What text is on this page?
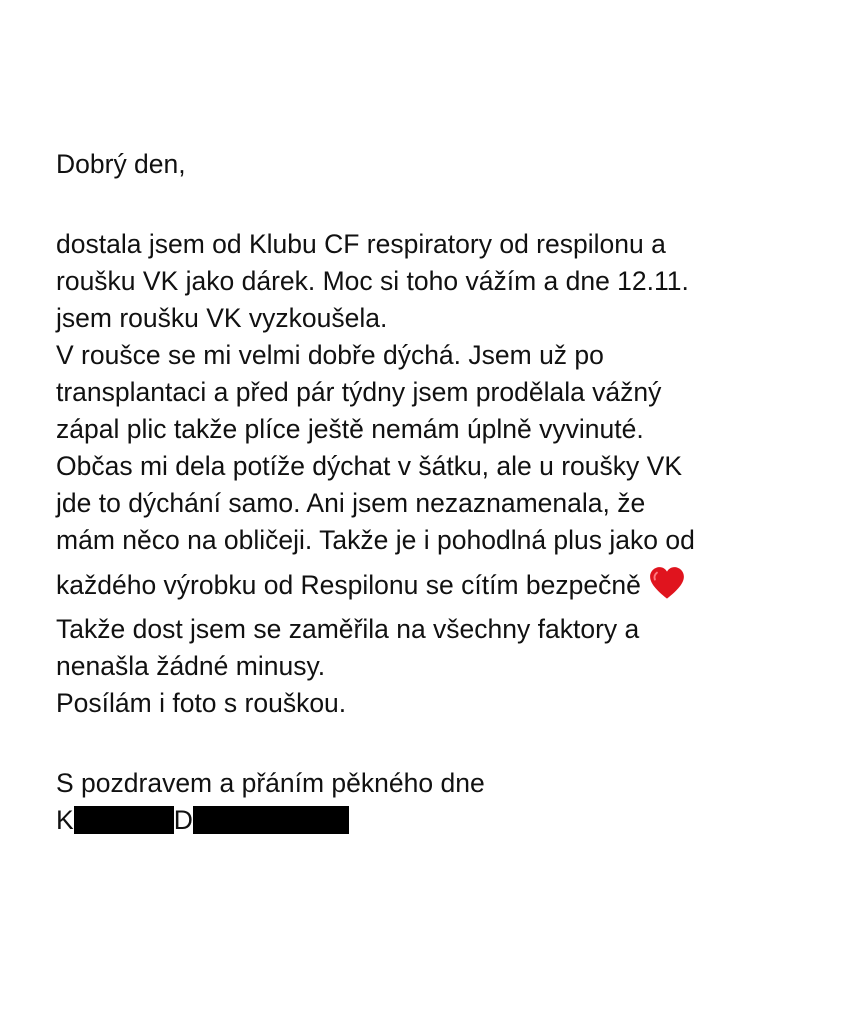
Dobrý den,
dostala jsem od Klubu CF respiratory od respilonu a
roušku VK jako dárek. Moc si toho vážím a dne 12.11.
jsem roušku VK vyzkoušela.
V roušce se mi velmi dobře dýchá. Jsem už po
transplantaci a před pár týdny jsem prodělala vážný
zápal plic takže plíce ještě nemám úplně vyvinuté.
Občas mi dela potíže dýchat v šátku, ale u roušky VK
jde to dýchání samo. Ani jsem nezaznamenala, že
mám něco na obličeji. Takže je i pohodlná plus jako od
každého výrobku od Respilonu se cítím bezpečně
Takže dost jsem se zaměřila na všechny faktory a
nenašla žádné minusy.
Posílám i foto s rouškou.
S pozdravem a přáním pěkného dne
K	D
